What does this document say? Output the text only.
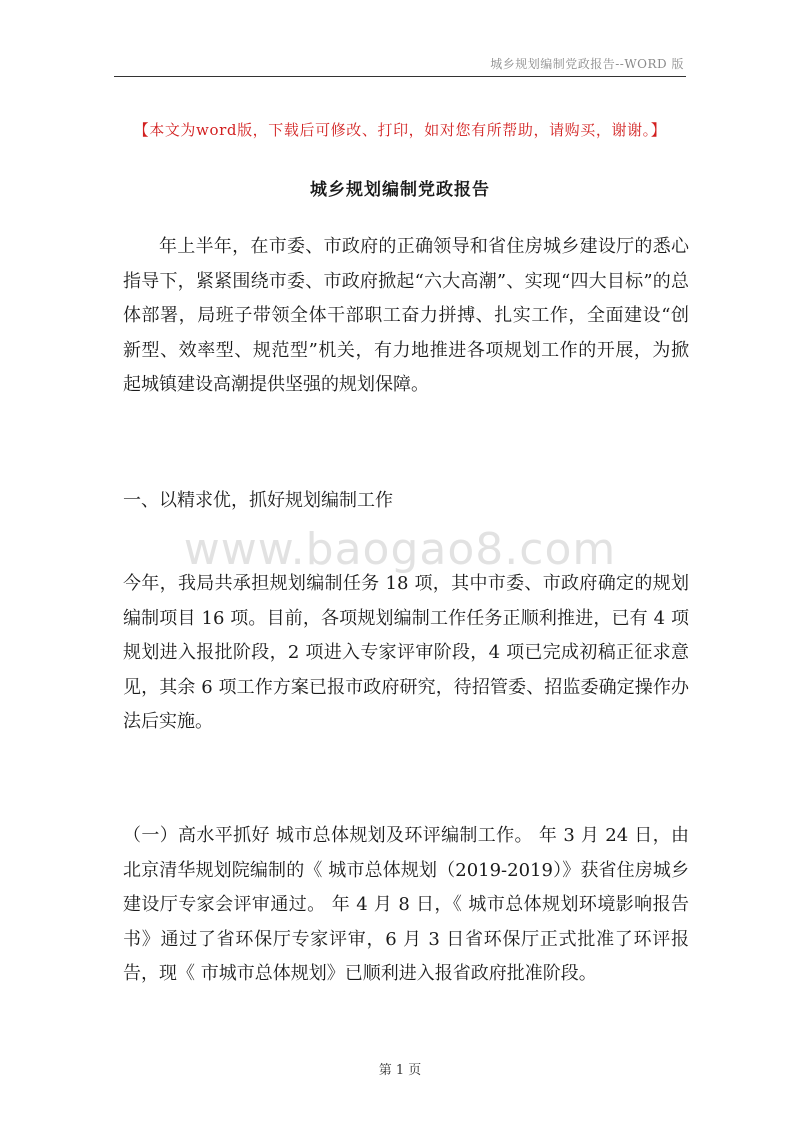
城乡规划编制党政报告--WORD 版
【本文为word版，下载后可修改、打印，如对您有所帮助，请购买，谢谢。】
城乡规划编制党政报告

年上半年，在市委、市政府的正确领导和省住房城乡建设厅的悉心指导下，紧紧围绕市委、市政府掀起“六大高潮”、实现“四大目标”的总体部署，局班子带领全体干部职工奋力拼搏、扎实工作，全面建设“创新型、效率型、规范型”机关，有力地推进各项规划工作的开展，为掀起城镇建设高潮提供坚强的规划保障。

一、以精求优，抓好规划编制工作

www.baogao8.com

今年，我局共承担规划编制任务 18 项，其中市委、市政府确定的规划编制项目 16 项。目前，各项规划编制工作任务正顺利推进，已有 4 项规划进入报批阶段，2 项进入专家评审阶段，4 项已完成初稿正征求意见，其余 6 项工作方案已报市政府研究，待招管委、招监委确定操作办法后实施。

（一）高水平抓好 城市总体规划及环评编制工作。 年 3 月 24 日，由北京清华规划院编制的《 城市总体规划（2019-2019）》获省住房城乡建设厅专家会评审通过。 年 4 月 8 日，《 城市总体规划环境影响报告书》通过了省环保厅专家评审，6 月 3 日省环保厅正式批准了环评报告，现《 市城市总体规划》已顺利进入报省政府批准阶段。

第 1 页
